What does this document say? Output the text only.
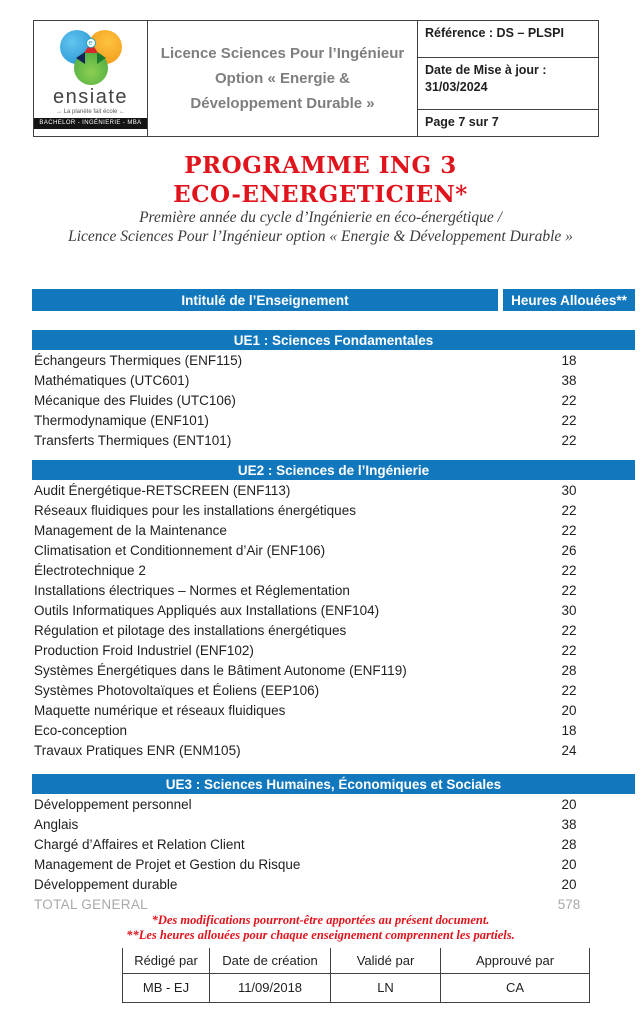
e
ensiate
→ La planète fait école ←
BACHELOR - INGÉNIERIE - MBA
Licence Sciences Pour l’Ingénieur
Option « Energie &
Développement Durable »
Référence : DS – PLSPI
Date de Mise à jour :
31/03/2024
Page 7 sur 7
PROGRAMME ING 3
ECO-ENERGETICIEN*
Première année du cycle d’Ingénierie en éco-énergétique /
Licence Sciences Pour l’Ingénieur option « Energie & Développement Durable »
Intitulé de l’Enseignement	Heures Allouées**
UE1 : Sciences Fondamentales
Échangeurs Thermiques (ENF115)	18
Mathématiques (UTC601)	38
Mécanique des Fluides (UTC106)	22
Thermodynamique (ENF101)	22
Transferts Thermiques (ENT101)	22
UE2 : Sciences de l’Ingénierie
Audit Énergétique-RETSCREEN (ENF113)	30
Réseaux fluidiques pour les installations énergétiques	22
Management de la Maintenance	22
Climatisation et Conditionnement d’Air (ENF106)	26
Électrotechnique 2	22
Installations électriques – Normes et Réglementation	22
Outils Informatiques Appliqués aux Installations (ENF104)	30
Régulation et pilotage des installations énergétiques	22
Production Froid Industriel (ENF102)	22
Systèmes Énergétiques dans le Bâtiment Autonome (ENF119)	28
Systèmes Photovoltaïques et Éoliens (EEP106)	22
Maquette numérique et réseaux fluidiques	20
Eco-conception	18
Travaux Pratiques ENR (ENM105)	24
UE3 : Sciences Humaines, Économiques et Sociales
Développement personnel	20
Anglais	38
Chargé d’Affaires et Relation Client	28
Management de Projet et Gestion du Risque	20
Développement durable	20
TOTAL GENERAL	578
*Des modifications pourront-être apportées au présent document.
**Les heures allouées pour chaque enseignement comprennent les partiels.
Rédigé par	Date de création	Validé par	Approuvé par
MB - EJ	11/09/2018	LN	CA
